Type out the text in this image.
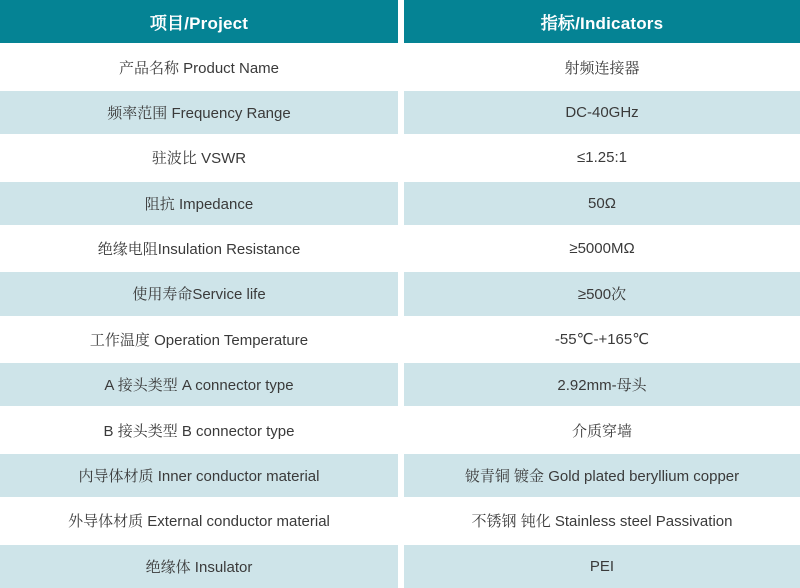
项目/Project	指标/Indicators
产品名称 Product Name	射频连接器
频率范围 Frequency Range	DC-40GHz
驻波比 VSWR	≤1.25:1
阻抗 Impedance	50Ω
绝缘电阻Insulation Resistance	≥5000MΩ
使用寿命Service life	≥500次
工作温度 Operation Temperature	-55℃-+165℃
A 接头类型 A connector type	2.92mm-母头
B 接头类型 B connector type	介质穿墙
内导体材质 Inner conductor material	铍青铜 镀金 Gold plated beryllium copper
外导体材质 External conductor material	不锈钢 钝化 Stainless steel Passivation
绝缘体 Insulator	PEI
